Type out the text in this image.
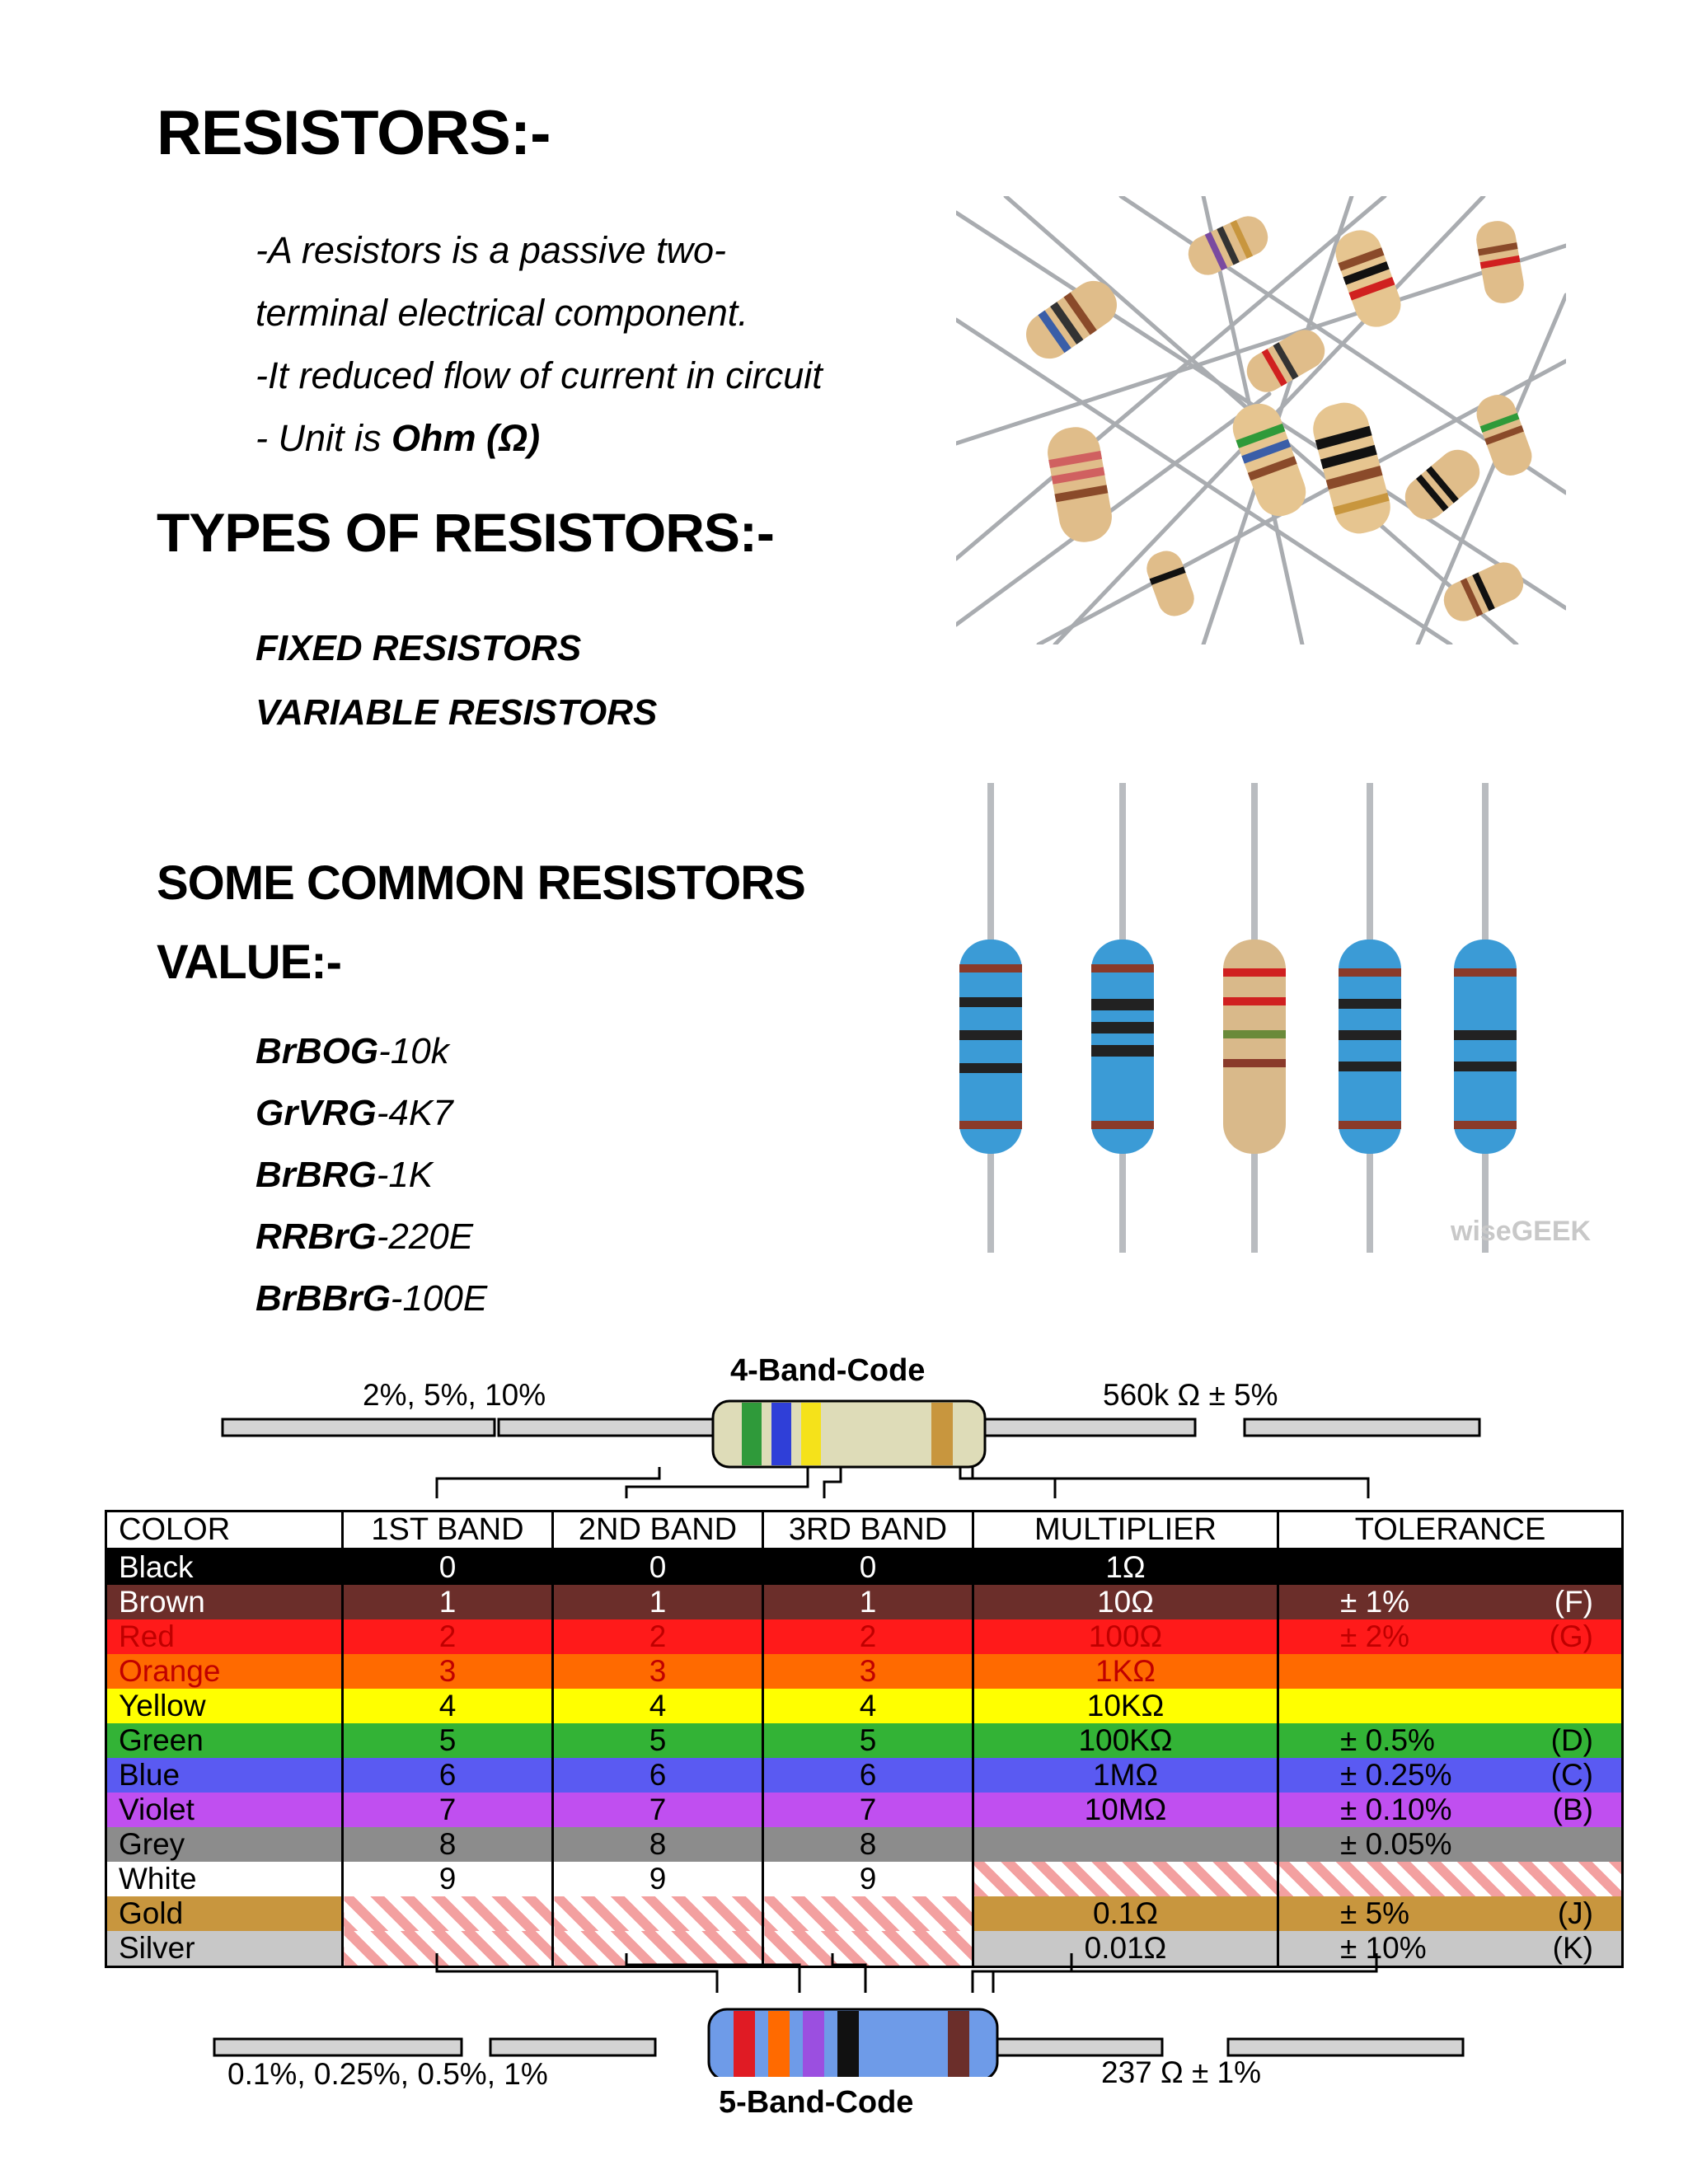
RESISTORS:-
-A resistors is a passive two-
terminal electrical component.
-It reduced flow of current in circuit
- Unit is Ohm (Ω)
TYPES OF RESISTORS:-
FIXED RESISTORS
VARIABLE RESISTORS
SOME COMMON RESISTORS
VALUE:-
BrBOG-10k
GrVRG-4K7
BrBRG-1K
RRBrG-220E
BrBBrG-100E
wiseGEEK
4-Band-Code
2%, 5%, 10%	560k Ω ± 5%
COLOR	1ST BAND	2ND BAND	3RD BAND	MULTIPLIER	TOLERANCE
Black	0	0	0	1Ω	

Brown	1	1	1	10Ω	± 1% (F)

Red	2	2	2	100Ω	± 2% (G)

Orange	3	3	3	1KΩ	

Yellow	4	4	4	10KΩ	

Green	5	5	5	100KΩ	± 0.5% (D)

Blue	6	6	6	1MΩ	± 0.25% (C)

Violet	7	7	7	10MΩ	± 0.10% (B)

Grey	8	8	8		± 0.05%

White	9	9	9		

Gold				0.1Ω	± 5% (J)

Silver				0.01Ω	± 10% (K)
0.1%, 0.25%, 0.5%, 1%	237 Ω ± 1%
5-Band-Code
